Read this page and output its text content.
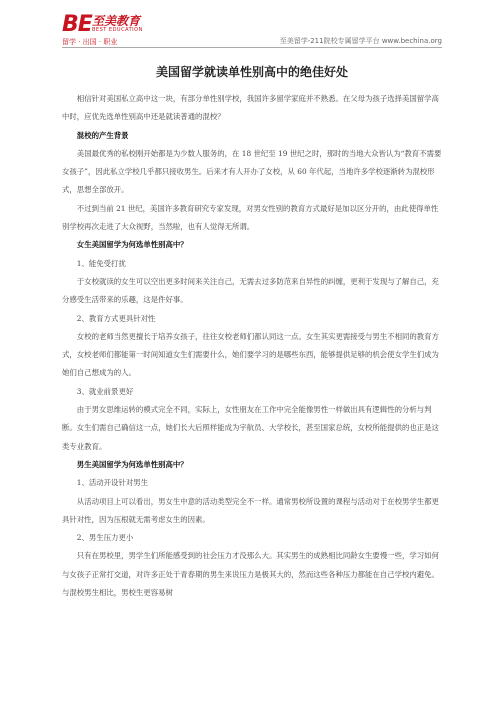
BE 至美教育
BEST EDUCATION
留学 · 出国 · 职业	至美留学-211院校专属留学平台 www.bechina.org
美国留学就读单性别高中的绝佳好处

相信针对美国私立高中这一块，有部分单性别学校，我国许多留学家庭并不熟悉。在父母为孩子选择美国留学高中时，应优先选单性别高中还是就读普通的混校？

混校的产生背景

美国最优秀的私校刚开始都是为少数人服务的，在 18 世纪至 19 世纪之时，那时的当地大众皆认为“教育不需要女孩子”，因此私立学校几乎都只接收男生。后来才有人开办了女校，从 60 年代起，当地许多学校逐渐转为混校形式，思想全部放开。

不过到当前 21 世纪，美国许多教育研究专家发现，对男女性别的教育方式最好是加以区分开的，由此使得单性别学校再次走进了大众视野，当然啦，也有人觉得无所谓。

女生美国留学为何选单性别高中？

1、能免受打扰

于女校就读的女生可以空出更多时间来关注自己，无需去过多防范来自异性的纠缠，更利于发现与了解自己，充分感受生活带来的乐趣，这是件好事。

2、教育方式更具针对性

女校的老师当然更擅长于培养女孩子，往往女校老师们都认同这一点。女生其实更需接受与男生不相同的教育方式，女校老师们都能第一时间知道女生们需要什么，她们要学习的是哪些东西，能够提供足够的机会使女学生们成为她们自己想成为的人。

3、就业前景更好

由于男女思维运转的模式完全不同，实际上，女性朋友在工作中完全能像男性一样做出具有逻辑性的分析与判断。女生们需自己确信这一点，她们长大后照样能成为宇航员、大学校长，甚至国家总统，女校所能提供的也正是这类专业教育。

男生美国留学为何选单性别高中？

1、活动开设针对男生

从活动项目上可以看出，男女生中意的活动类型完全不一样。通常男校所设置的课程与活动对于在校男学生都更具针对性，因为压根就无需考虑女生的因素。

2、男生压力更小

只有在男校里，男学生们所能感受到的社会压力才没那么大。其实男生的成熟相比同龄女生要慢一些，学习如何与女孩子正常打交道，对许多正处于青春期的男生来说压力是极其大的，然而这些各种压力都能在自己学校内避免。与混校男生相比，男校生更容易树
